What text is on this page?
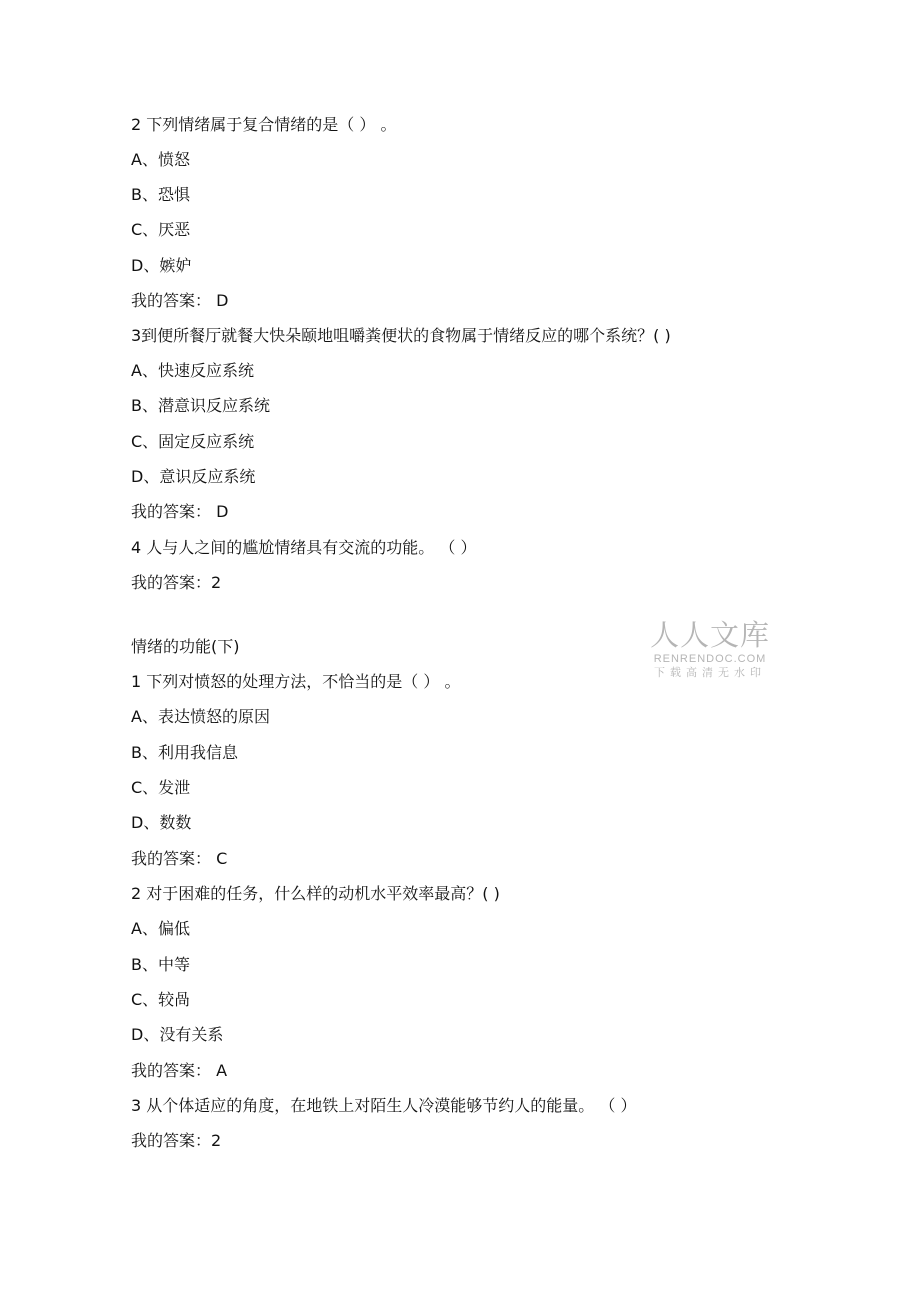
2 下列情绪属于复合情绪的是（ ） 。
A、愤怒
B、恐惧
C、厌恶
D、嫉妒
我的答案： D
3到便所餐厅就餐大快朵颐地咀嚼粪便状的食物属于情绪反应的哪个系统？( )
A、快速反应系统
B、潜意识反应系统
C、固定反应系统
D、意识反应系统
我的答案： D
4 人与人之间的尴尬情绪具有交流的功能。 （ ）
我的答案：2
情绪的功能(下)
1 下列对愤怒的处理方法，不恰当的是（ ） 。
A、表达愤怒的原因
B、利用我信息
C、发泄
D、数数
我的答案： C
2 对于困难的任务，什么样的动机水平效率最高？( )
A、偏低
B、中等
C、较咼
D、没有关系
我的答案： A
3 从个体适应的角度，在地铁上对陌生人冷漠能够节约人的能量。 （ ）
我的答案：2
人人文库
RENRENDOC.COM
下载高清无水印
